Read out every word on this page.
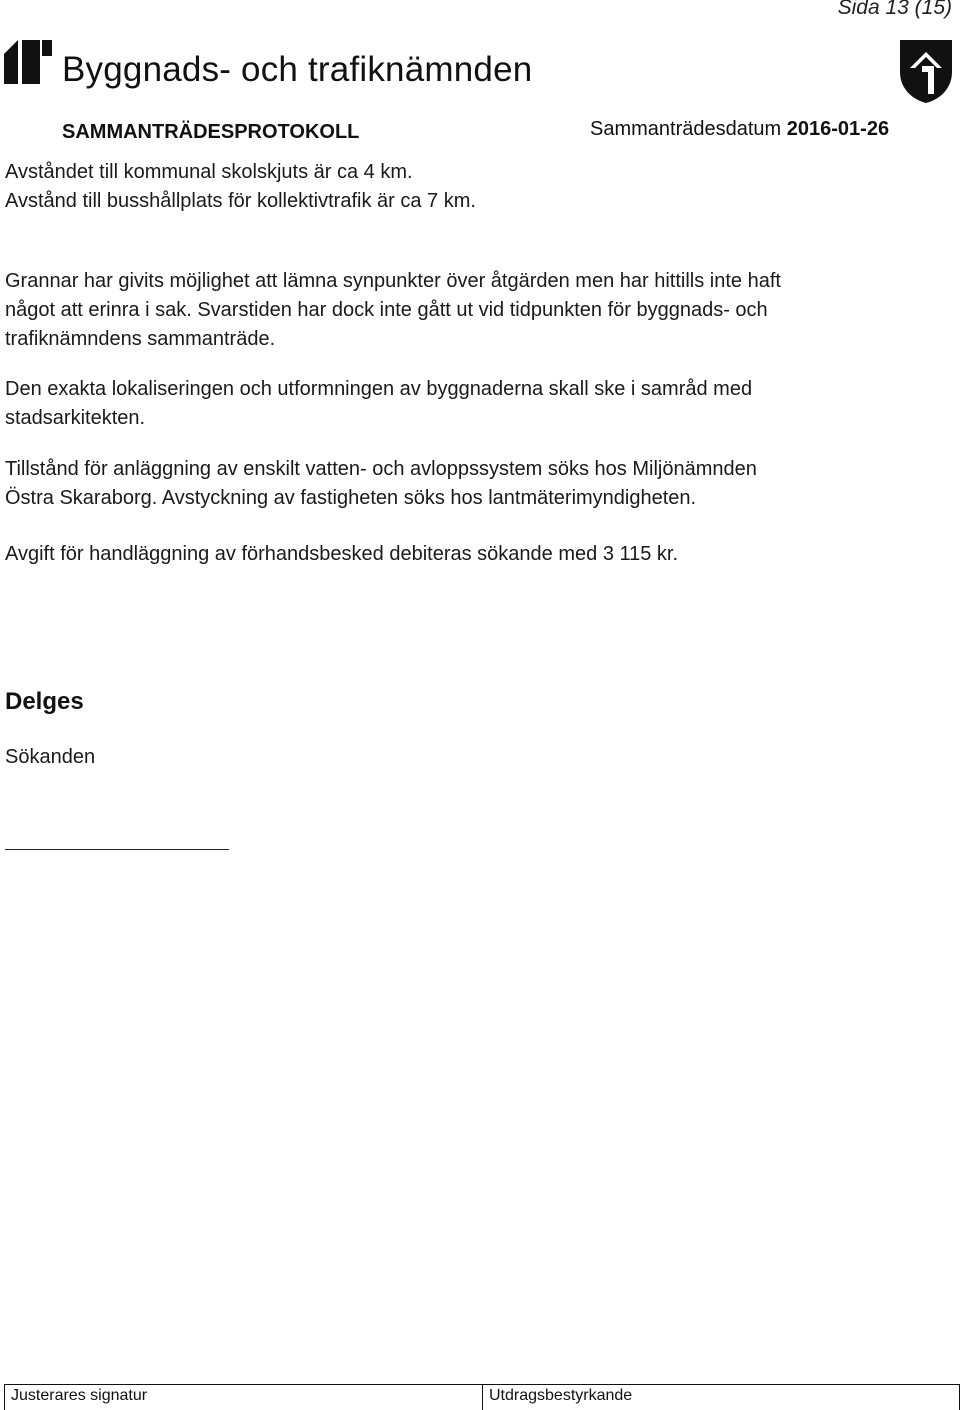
Sida 13 (15)
Byggnads- och trafiknämnden
SAMMANTRÄDESPROTOKOLL	Sammanträdesdatum 2016-01-26
Avståndet till kommunal skolskjuts är ca 4 km.
Avstånd till busshållplats för kollektivtrafik är ca 7 km.
Grannar har givits möjlighet att lämna synpunkter över åtgärden men har hittills inte haft
något att erinra i sak. Svarstiden har dock inte gått ut vid tidpunkten för byggnads- och
trafiknämndens sammanträde.
Den exakta lokaliseringen och utformningen av byggnaderna skall ske i samråd med
stadsarkitekten.
Tillstånd för anläggning av enskilt vatten- och avloppssystem söks hos Miljönämnden
Östra Skaraborg. Avstyckning av fastigheten söks hos lantmäterimyndigheten.
Avgift för handläggning av förhandsbesked debiteras sökande med 3 115 kr.
Delges
Sökanden
Justerares signatur	Utdragsbestyrkande
